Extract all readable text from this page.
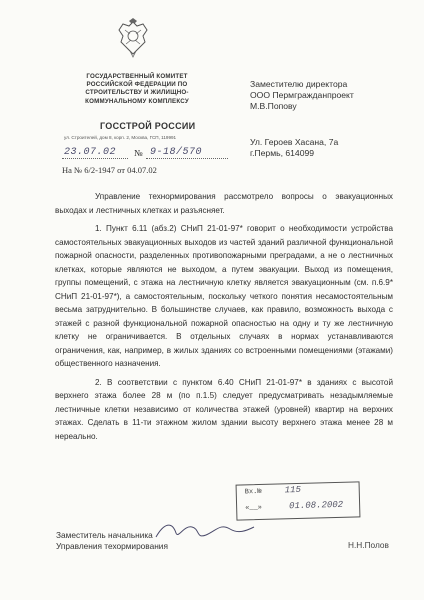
ГОСУДАРСТВЕННЫЙ КОМИТЕТ
РОССИЙСКОЙ ФЕДЕРАЦИИ ПО
СТРОИТЕЛЬСТВУ И ЖИЛИЩНО-
КОММУНАЛЬНОМУ КОМПЛЕКСУ
ГОССТРОЙ РОССИИ
ул. Строителей, дом 8, корп. 2, Москва, ГСП, 119991
23.07.02 № 9-18/570
На № 6/2-1947 от 04.07.02
Заместителю директора
ООО Пермгражданпроект
М.В.Попову
Ул. Героев Хасана, 7а
г.Пермь, 614099

Управление технормирования рассмотрело вопросы о эвакуационных выходах и лестничных клетках и разъясняет.

1. Пункт 6.11 (абз.2) СНиП 21-01-97* говорит о необходимости устройства самостоятельных эвакуационных выходов из частей зданий различной функциональной пожарной опасности, разделенных противопожарными преградами, а не о лестничных клетках, которые являются не выходом, а путем эвакуации. Выход из помещения, группы помещений, с этажа на лестничную клетку является эвакуационным (см. п.6.9* СНиП 21-01-97*), а самостоятельным, поскольку четкого понятия несамостоятельным весьма затруднительно. В большинстве случаев, как правило, возможность выхода с этажей с разной функциональной пожарной опасностью на одну и ту же лестничную клетку не ограничивается. В отдельных случаях в нормах устанавливаются ограничения, как, например, в жилых зданиях со встроенными помещениями (этажами) общественного назначения.

2. В соответствии с пунктом 6.40 СНиП 21-01-97* в зданиях с высотой верхнего этажа более 28 м (по п.1.5) следует предусматривать незадымляемые лестничные клетки независимо от количества этажей (уровней) квартир на верхних этажах. Сделать в 11-ти этажном жилом здании высоту верхнего этажа менее 28 м нереально.

Вх.№	115
«__»	01.08.2002
Заместитель начальника
Управления техормирования	Н.Н.Полов
